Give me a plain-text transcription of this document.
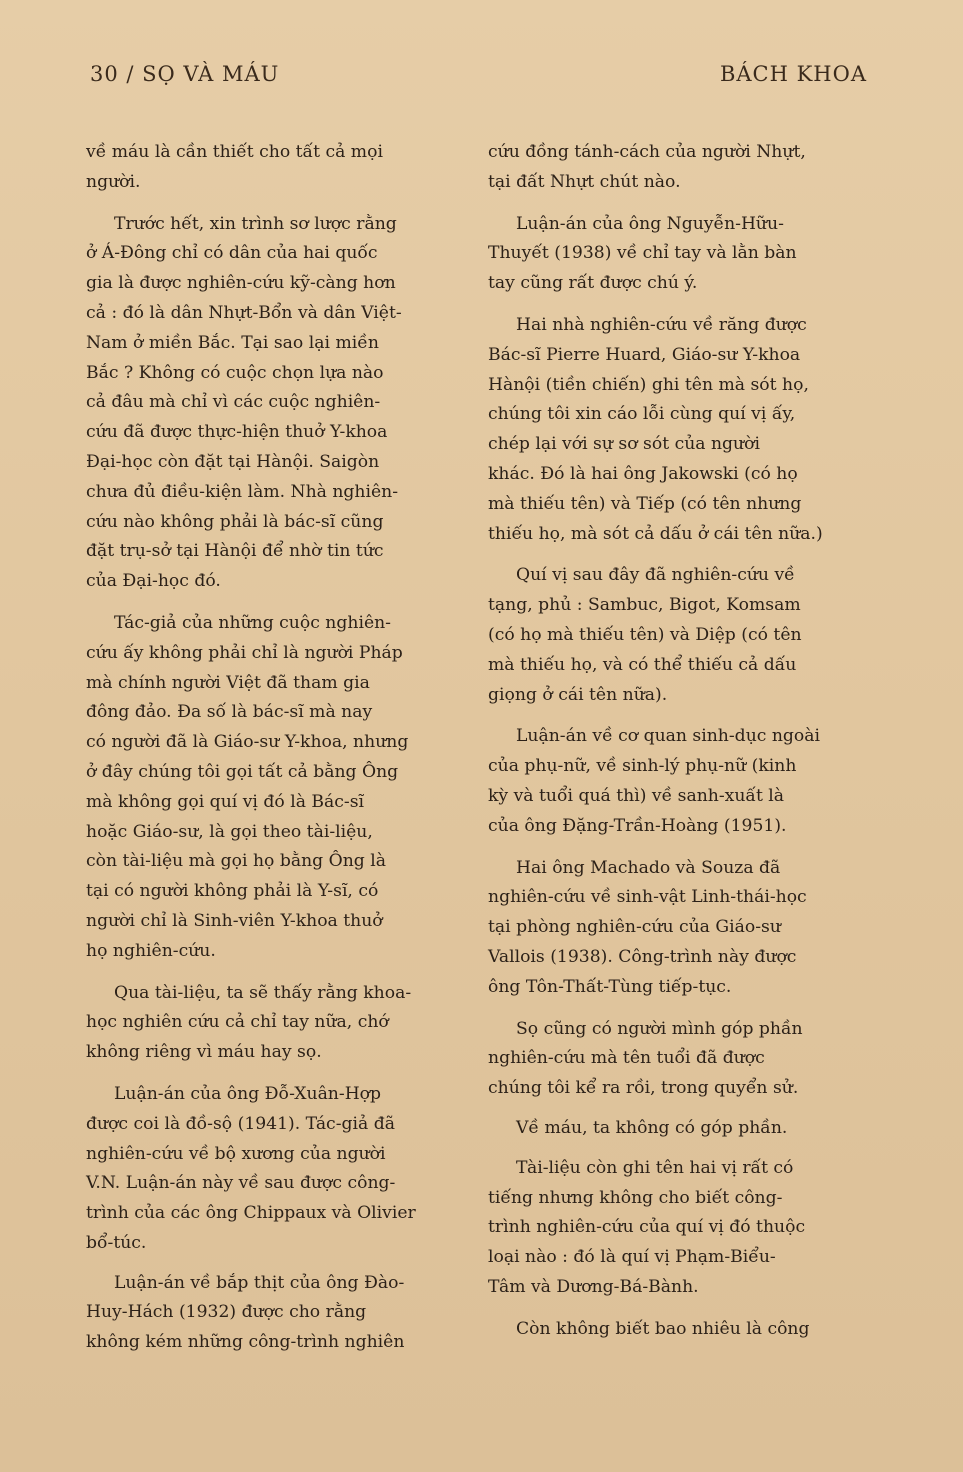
30 / SỌ VÀ MÁU	BÁCH KHOA

về máu là cần thiết cho tất cả mọi
người.

Trước hết, xin trình sơ lược rằng
ở Á-Đông chỉ có dân của hai quốc
gia là được nghiên-cứu kỹ-càng hơn
cả : đó là dân Nhựt-Bổn và dân Việt-
Nam ở miền Bắc. Tại sao lại miền
Bắc ? Không có cuộc chọn lựa nào
cả đâu mà chỉ vì các cuộc nghiên-
cứu đã được thực-hiện thuở Y-khoa
Đại-học còn đặt tại Hànội. Saigòn
chưa đủ điều-kiện làm. Nhà nghiên-
cứu nào không phải là bác-sĩ cũng
đặt trụ-sở tại Hànội để nhờ tin tức
của Đại-học đó.

Tác-giả của những cuộc nghiên-
cứu ấy không phải chỉ là người Pháp
mà chính người Việt đã tham gia
đông đảo. Đa số là bác-sĩ mà nay
có người đã là Giáo-sư Y-khoa, nhưng
ở đây chúng tôi gọi tất cả bằng Ông
mà không gọi quí vị đó là Bác-sĩ
hoặc Giáo-sư, là gọi theo tài-liệu,
còn tài-liệu mà gọi họ bằng Ông là
tại có người không phải là Y-sĩ, có
người chỉ là Sinh-viên Y-khoa thuở
họ nghiên-cứu.

Qua tài-liệu, ta sẽ thấy rằng khoa-
học nghiên cứu cả chỉ tay nữa, chớ
không riêng vì máu hay sọ.

Luận-án của ông Đỗ-Xuân-Hợp
được coi là đồ-sộ (1941). Tác-giả đã
nghiên-cứu về bộ xương của người
V.N. Luận-án này về sau được công-
trình của các ông Chippaux và Olivier
bổ-túc.

Luận-án về bắp thịt của ông Đào-
Huy-Hách (1932) được cho rằng
không kém những công-trình nghiên

cứu đồng tánh-cách của người Nhựt,
tại đất Nhựt chút nào.

Luận-án của ông Nguyễn-Hữu-
Thuyết (1938) về chỉ tay và lằn bàn
tay cũng rất được chú ý.

Hai nhà nghiên-cứu về răng được
Bác-sĩ Pierre Huard, Giáo-sư Y-khoa
Hànội (tiền chiến) ghi tên mà sót họ,
chúng tôi xin cáo lỗi cùng quí vị ấy,
chép lại với sự sơ sót của người
khác. Đó là hai ông Jakowski (có họ
mà thiếu tên) và Tiếp (có tên nhưng
thiếu họ, mà sót cả dấu ở cái tên nữa.)

Quí vị sau đây đã nghiên-cứu về
tạng, phủ : Sambuc, Bigot, Komsam
(có họ mà thiếu tên) và Diệp (có tên
mà thiếu họ, và có thể thiếu cả dấu
giọng ở cái tên nữa).

Luận-án về cơ quan sinh-dục ngoài
của phụ-nữ, về sinh-lý phụ-nữ (kinh
kỳ và tuổi quá thì) về sanh-xuất là
của ông Đặng-Trần-Hoàng (1951).

Hai ông Machado và Souza đã
nghiên-cứu về sinh-vật Linh-thái-học
tại phòng nghiên-cứu của Giáo-sư
Vallois (1938). Công-trình này được
ông Tôn-Thất-Tùng tiếp-tục.

Sọ cũng có người mình góp phần
nghiên-cứu mà tên tuổi đã được
chúng tôi kể ra rồi, trong quyển sử.

Về máu, ta không có góp phần.

Tài-liệu còn ghi tên hai vị rất có
tiếng nhưng không cho biết công-
trình nghiên-cứu của quí vị đó thuộc
loại nào : đó là quí vị Phạm-Biểu-
Tâm và Dương-Bá-Bành.

Còn không biết bao nhiêu là công
